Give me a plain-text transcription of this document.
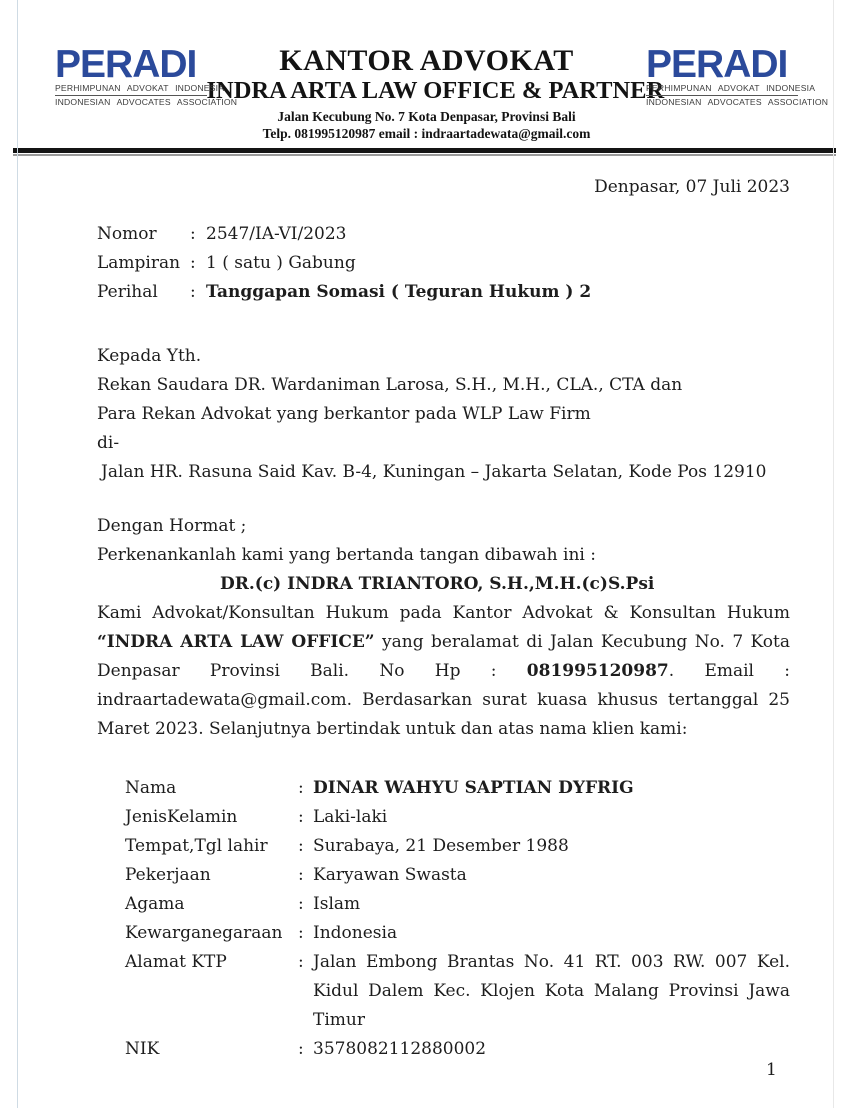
PERADI
PERHIMPUNAN ADVOKAT INDONESIA
INDONESIAN ADVOCATES ASSOCIATION
KANTOR ADVOKAT
INDRA ARTA LAW OFFICE & PARTNER
Jalan Kecubung No. 7 Kota Denpasar, Provinsi Bali
Telp. 081995120987 email : indraartadewata@gmail.com
PERADI
PERHIMPUNAN ADVOKAT INDONESIA
INDONESIAN ADVOCATES ASSOCIATION
Denpasar, 07 Juli 2023
Nomor	: 2547/IA-VI/2023
Lampiran : 1 ( satu ) Gabung
Perihal	: Tanggapan Somasi ( Teguran Hukum ) 2
Kepada Yth.
Rekan Saudara DR. Wardaniman Larosa, S.H., M.H., CLA., CTA dan
Para Rekan Advokat yang berkantor pada WLP Law Firm
di-
Jalan HR. Rasuna Said Kav. B-4, Kuningan – Jakarta Selatan, Kode Pos 12910
Dengan Hormat ;
Perkenankanlah kami yang bertanda tangan dibawah ini :
DR.(c) INDRA TRIANTORO, S.H.,M.H.(c)S.Psi
Kami Advokat/Konsultan Hukum pada Kantor Advokat & Konsultan Hukum “INDRA ARTA LAW OFFICE” yang beralamat di Jalan Kecubung No. 7 Kota Denpasar Provinsi Bali. No Hp : 081995120987. Email : indraartadewata@gmail.com. Berdasarkan surat kuasa khusus tertanggal 25 Maret 2023. Selanjutnya bertindak untuk dan atas nama klien kami:
Nama	: DINAR WAHYU SAPTIAN DYFRIG
JenisKelamin	: Laki-laki
Tempat,Tgl lahir	: Surabaya, 21 Desember 1988
Pekerjaan	: Karyawan Swasta
Agama	: Islam
Kewarganegaraan : Indonesia
Alamat KTP	: Jalan Embong Brantas No. 41 RT. 003 RW. 007 Kel. Kidul Dalem Kec. Klojen Kota Malang Provinsi Jawa Timur
NIK	: 3578082112880002
1
